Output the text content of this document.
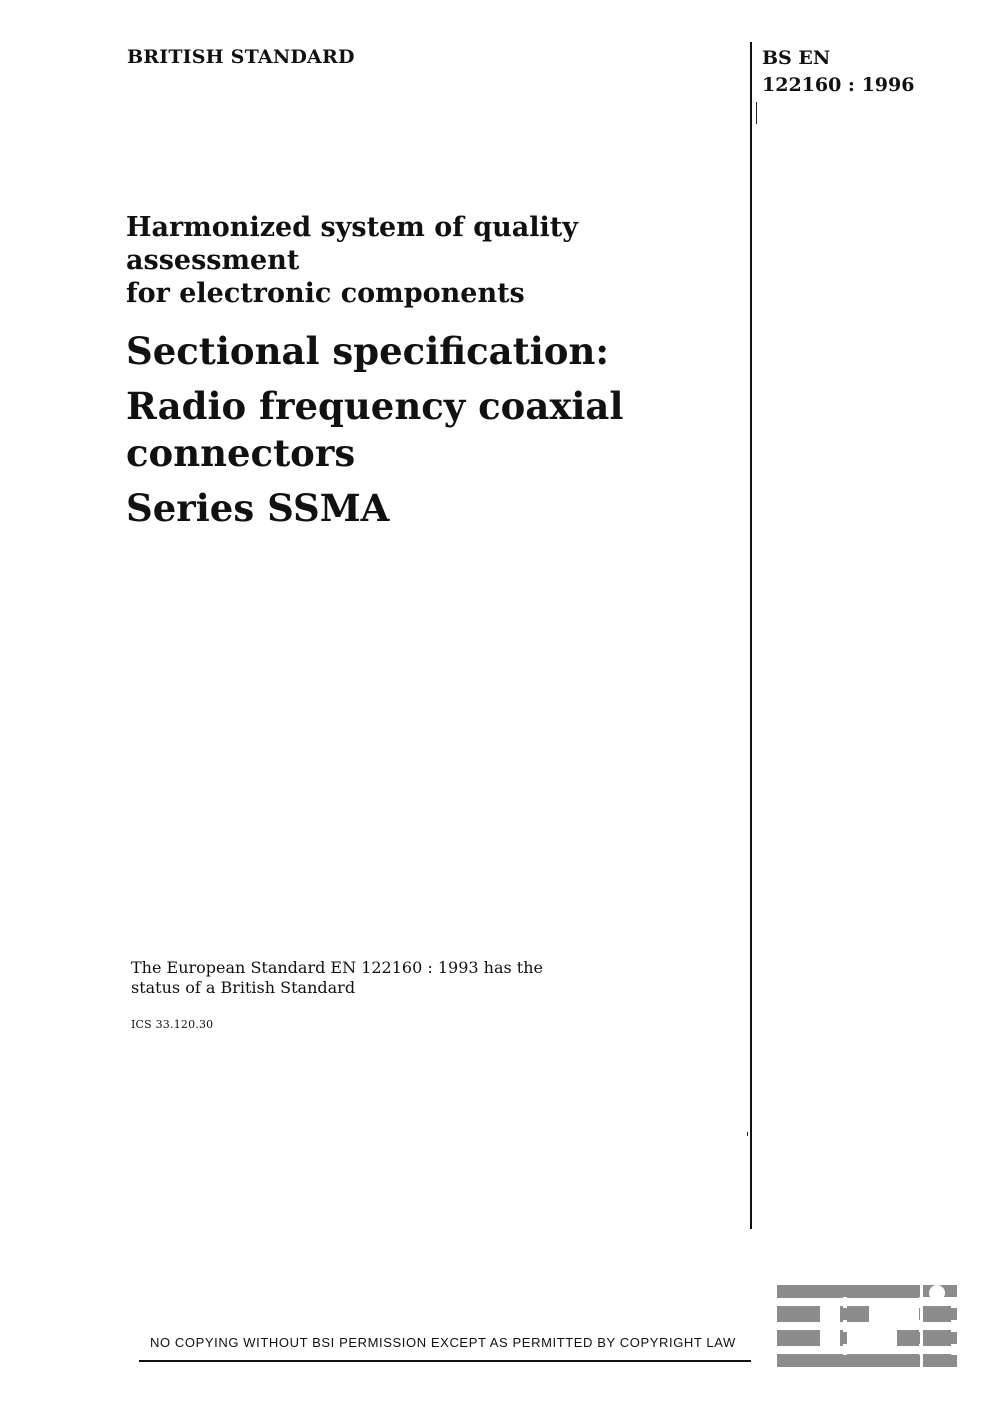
BRITISH STANDARD	BS EN
122160 : 1996
Harmonized system of quality assessment
for electronic components
Sectional specification:
Radio frequency coaxial
connectors
Series SSMA
The European Standard EN 122160 : 1993 has the status of a British Standard
ICS 33.120.30
NO COPYING WITHOUT BSI PERMISSION EXCEPT AS PERMITTED BY COPYRIGHT LAW
